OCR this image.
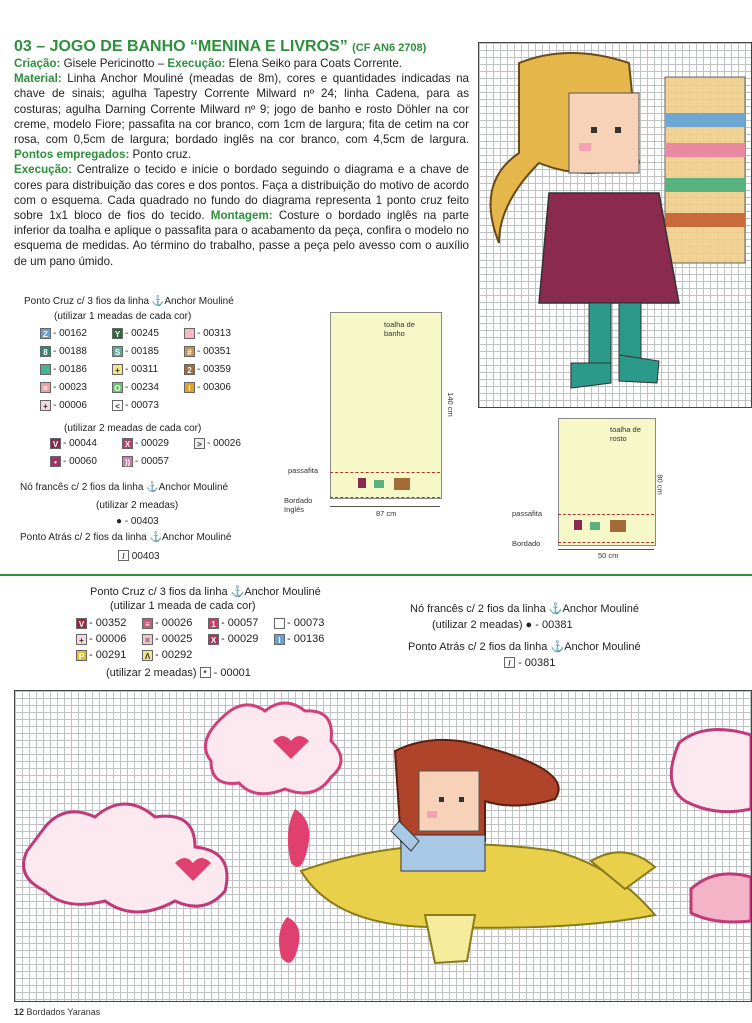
03 – JOGO DE BANHO “MENINA E LIVROS” (CF AN6 2708)

Criação: Gisele Pericinotto – Execução: Elena Seiko para Coats Corrente.

Material: Linha Anchor Mouliné (meadas de 8m), cores e quantidades indicadas na chave de sinais; agulha Tapestry Corrente Milward nº 24; linha Cadena, para as costuras; agulha Darning Corrente Milward nº 9; jogo de banho e rosto Döhler na cor creme, modelo Fiore; passafita na cor branco, com 1cm de largura; fita de cetim na cor rosa, com 0,5cm de largura; bordado inglês na cor branco, com 4,5cm de largura. Pontos empregados: Ponto cruz.

Execução: Centralize o tecido e inicie o bordado seguindo o diagrama e a chave de cores para distribuição das cores e dos pontos. Faça a distribuição do motivo de acordo com o esquema. Cada quadrado no fundo do diagrama representa 1 ponto cruz feito sobre 1x1 bloco de fios do tecido. Montagem: Costure o bordado inglês na parte inferior da toalha e aplique o passafita para o acabamento da peça, confira o modelo no esquema de medidas. Ao término do trabalho, passe a peça pelo avesso com o auxílio de um pano úmido.

Ponto Cruz c/ 3 fios da linha ⚓Anchor Mouliné
(utilizar 1 meadas de cada cor)
Z - 00162	Y - 00245	- 00313
8 - 00188	S - 00185	# - 00351
- 00186	+ - 00311	2 - 00359
= - 00023	O - 00234	I - 00306
+ - 00006	< - 00073
(utilizar 2 meadas de cada cor)
V - 00044	X - 00029	> - 00026
• - 00060	)) - 00057
Nó francês c/ 2 fios da linha ⚓Anchor Mouliné
(utilizar 2 meadas)
● - 00403
Ponto Atrás c/ 2 fios da linha ⚓Anchor Mouliné
/ 00403
toalha de banho
140 cm
passafita
Bordado Inglês	87 cm
toalha de rosto
80 cm
passafita
Bordado
50 cm
Ponto Cruz c/ 3 fios da linha ⚓Anchor Mouliné
(utilizar 1 meada de cada cor)
V - 00352	≡ - 00026	1 - 00057	- 00073
+ - 00006	= - 00025	X - 00029	I - 00136
P - 00291	Λ - 00292
(utilizar 2 meadas) * - 00001
Nó francês c/ 2 fios da linha ⚓Anchor Mouliné
(utilizar 2 meadas) ● - 00381
Ponto Atrás c/ 2 fios da linha ⚓Anchor Mouliné
/ - 00381
12 Bordados Yaranas
